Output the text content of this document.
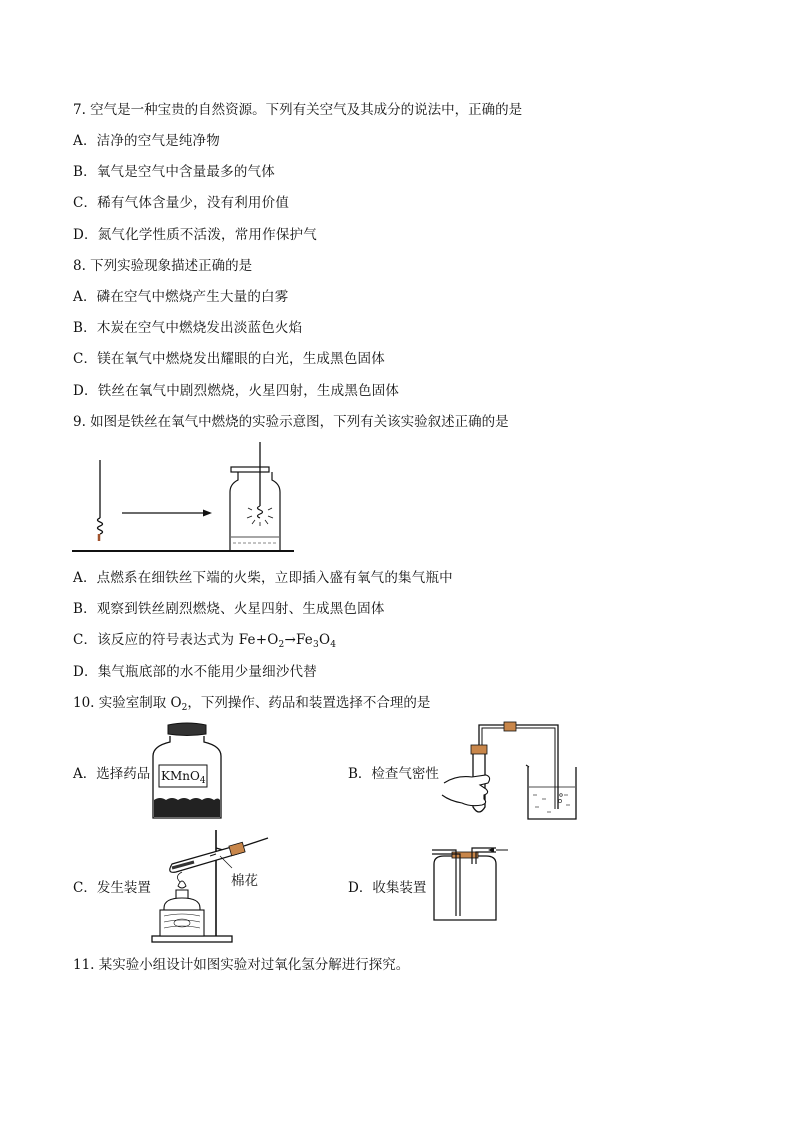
7. 空气是一种宝贵的自然资源。下列有关空气及其成分的说法中，正确的是
A．洁净的空气是纯净物
B．氧气是空气中含量最多的气体
C．稀有气体含量少，没有利用价值
D．氮气化学性质不活泼，常用作保护气
8. 下列实验现象描述正确的是
A．磷在空气中燃烧产生大量的白雾
B．木炭在空气中燃烧发出淡蓝色火焰
C．镁在氧气中燃烧发出耀眼的白光，生成黑色固体
D．铁丝在氧气中剧烈燃烧，火星四射，生成黑色固体
9. 如图是铁丝在氧气中燃烧的实验示意图，下列有关该实验叙述正确的是
A．点燃系在细铁丝下端的火柴，立即插入盛有氧气的集气瓶中
B．观察到铁丝剧烈燃烧、火星四射、生成黑色固体
C．该反应的符号表达式为 $Fe+O_2\to Fe_3O_4$
D．集气瓶底部的水不能用少量细沙代替
10. 实验室制取 $O_2$，下列操作、药品和装置选择不合理的是
A．选择药品 KMnO$_4$	B．检查气密性
C．发生装置	棉花	D．收集装置
11. 某实验小组设计如图实验对过氧化氢分解进行探究。
